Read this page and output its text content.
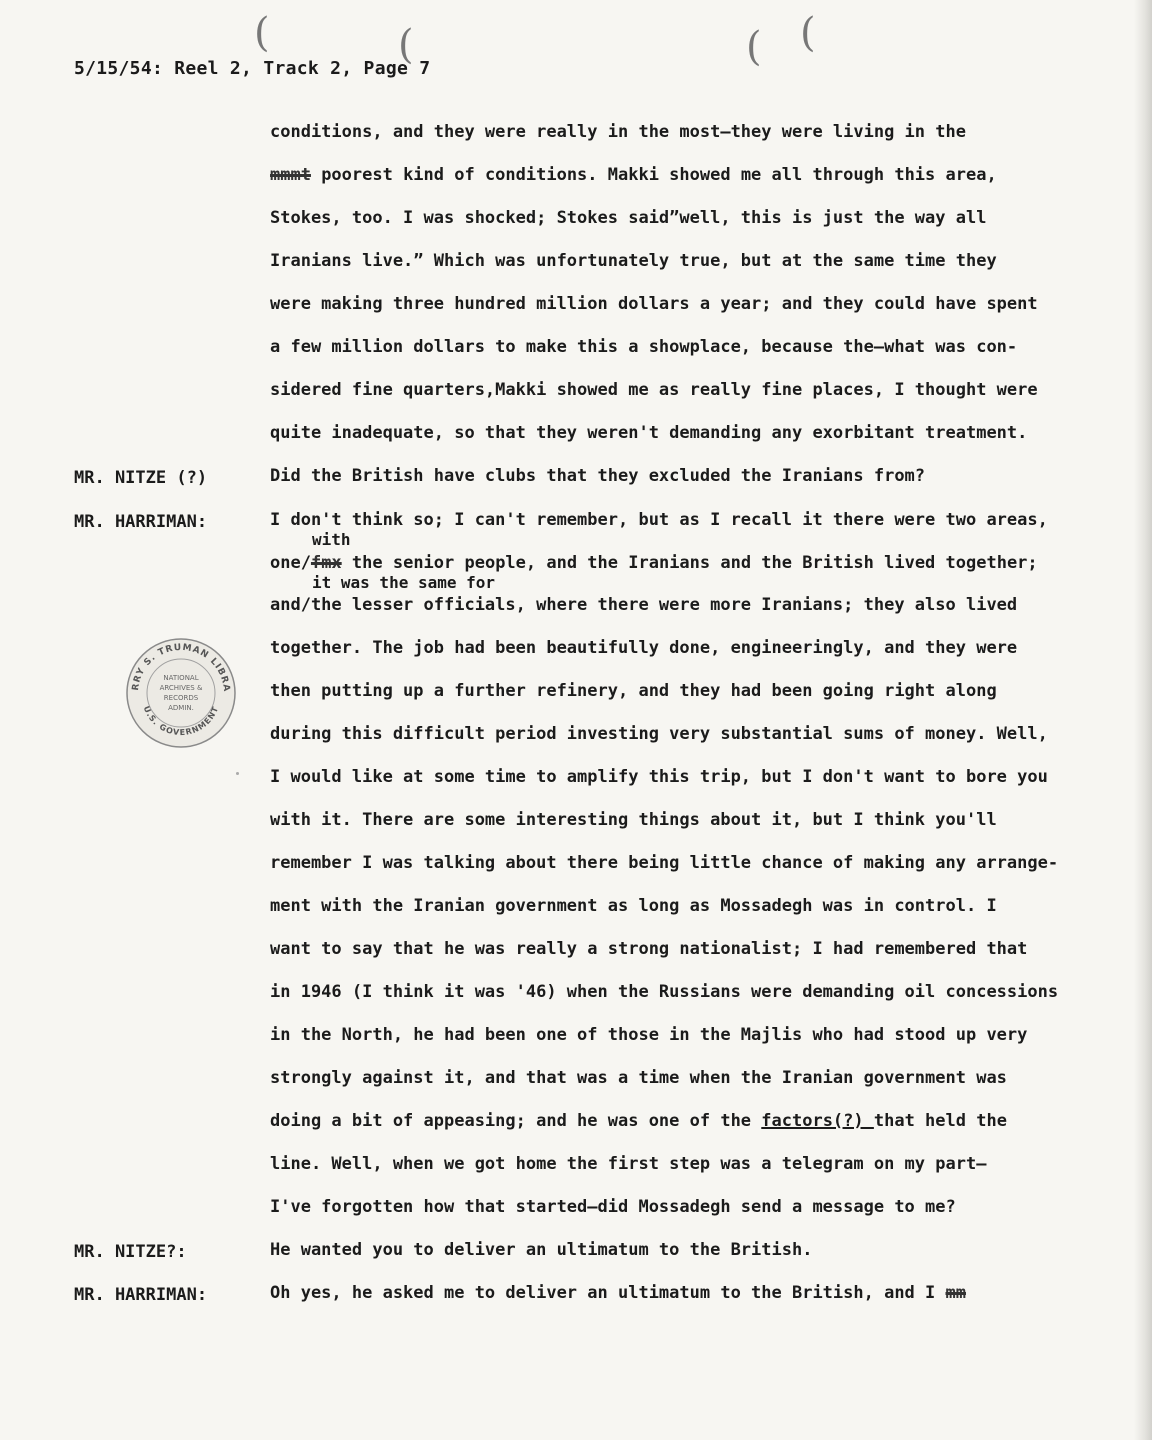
(	(	( (
5/15/54: Reel 2, Track 2, Page 7
conditions, and they were really in the most—they were living in the
mmmt poorest kind of conditions. Makki showed me all through this area,
Stokes, too. I was shocked; Stokes said”well, this is just the way all
Iranians live.” Which was unfortunately true, but at the same time they
were making three hundred million dollars a year; and they could have spent
a few million dollars to make this a showplace, because the—what was con-
sidered fine quarters,Makki showed me as really fine places, I thought were
quite inadequate, so that they weren't demanding any exorbitant treatment.
MR. NITZE (?)	Did the British have clubs that they excluded the Iranians from?
MR. HARRIMAN:	I don't think so; I can't remember, but as I recall it there were two areas,
with
one/fmx the senior people, and the Iranians and the British lived together;
it was the same for
and/the lesser officials, where there were more Iranians; they also lived
together. The job had been beautifully done, engineeringly, and they were
then putting up a further refinery, and they had been going right along
during this difficult period investing very substantial sums of money. Well,
I would like at some time to amplify this trip, but I don't want to bore you
with it. There are some interesting things about it, but I think you'll
remember I was talking about there being little chance of making any arrange-
ment with the Iranian government as long as Mossadegh was in control. I
want to say that he was really a strong nationalist; I had remembered that
in 1946 (I think it was '46) when the Russians were demanding oil concessions
in the North, he had been one of those in the Majlis who had stood up very
strongly against it, and that was a time when the Iranian government was
doing a bit of appeasing; and he was one of the factors(?) that held the
line. Well, when we got home the first step was a telegram on my part—
I've forgotten how that started—did Mossadegh send a message to me?
MR. NITZE?:	He wanted you to deliver an ultimatum to the British.
MR. HARRIMAN:	Oh yes, he asked me to deliver an ultimatum to the British, and I mm
RRY S. TRUMAN LIBRA
U.S. GOVERNMENT
NATIONAL
ARCHIVES &
RECORDS
ADMIN.
